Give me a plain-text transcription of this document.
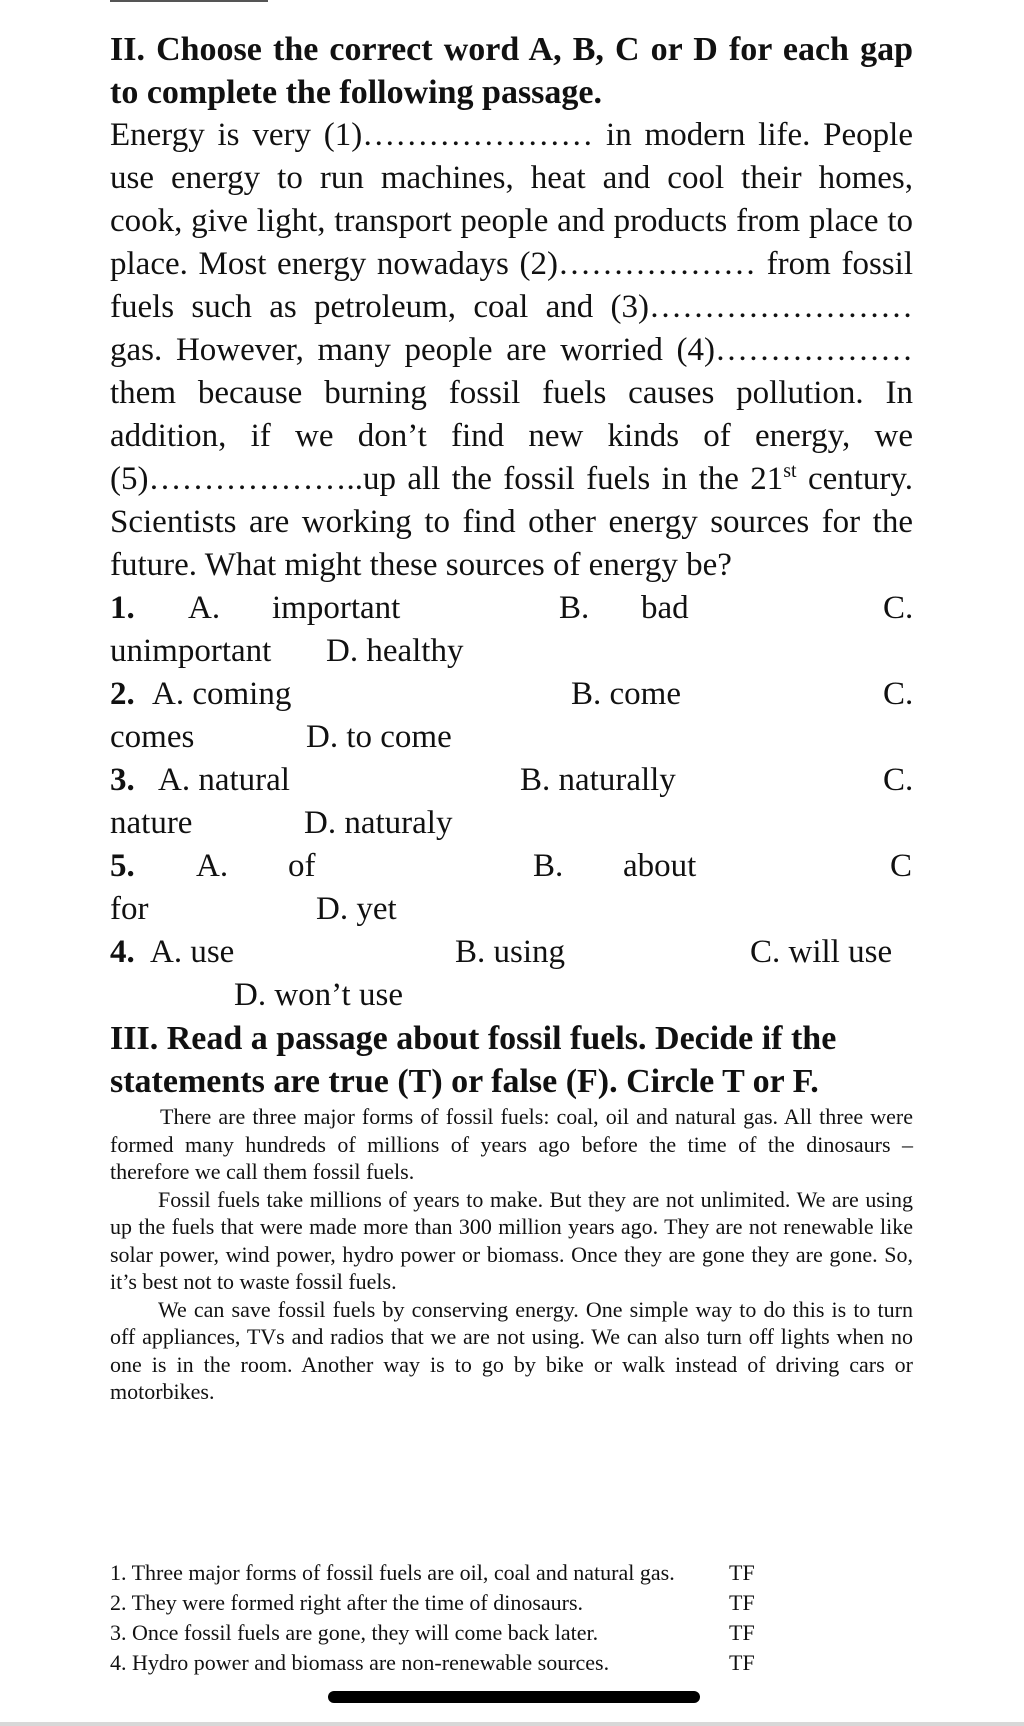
II. Choose the correct word A, B, C or D for each gap to complete the following passage.

Energy is very (1)………………… in modern life. People use energy to run machines, heat and cool their homes, cook, give light, transport people and products from place to place. Most energy nowadays (2)……………… from fossil fuels such as petroleum, coal and (3)…………………… gas. However, many people are worried (4)……………… them because burning fossil fuels causes pollution. In addition, if we don’t find new kinds of energy, we (5)………………..up all the fossil fuels in the 21st century. Scientists are working to find other energy sources for the future. What might these sources of energy be?

1. A. important	B. bad	C.
unimportant D. healthy
2. A. coming	B. come	C.
comes	D. to come
3. A. natural	B. naturally	C.
nature	D. naturaly
5. A. of	B. about	C
for	D. yet
4. A. use	B. using	C. will use
D. won’t use

III. Read a passage about fossil fuels. Decide if the statements are true (T) or false (F). Circle T or F.

There are three major forms of fossil fuels: coal, oil and natural gas. All three were formed many hundreds of millions of years ago before the time of the dinosaurs – therefore we call them fossil fuels.

Fossil fuels take millions of years to make. But they are not unlimited. We are using up the fuels that were made more than 300 million years ago. They are not renewable like solar power, wind power, hydro power or biomass. Once they are gone they are gone. So, it’s best not to waste fossil fuels.

We can save fossil fuels by conserving energy. One simple way to do this is to turn off appliances, TVs and radios that we are not using. We can also turn off lights when no one is in the room. Another way is to go by bike or walk instead of driving cars or motorbikes.

1. Three major forms of fossil fuels are oil, coal and natural gas. TF
2. They were formed right after the time of dinosaurs.	TF
3. Once fossil fuels are gone, they will come back later.	TF
4. Hydro power and biomass are non-renewable sources.	TF
